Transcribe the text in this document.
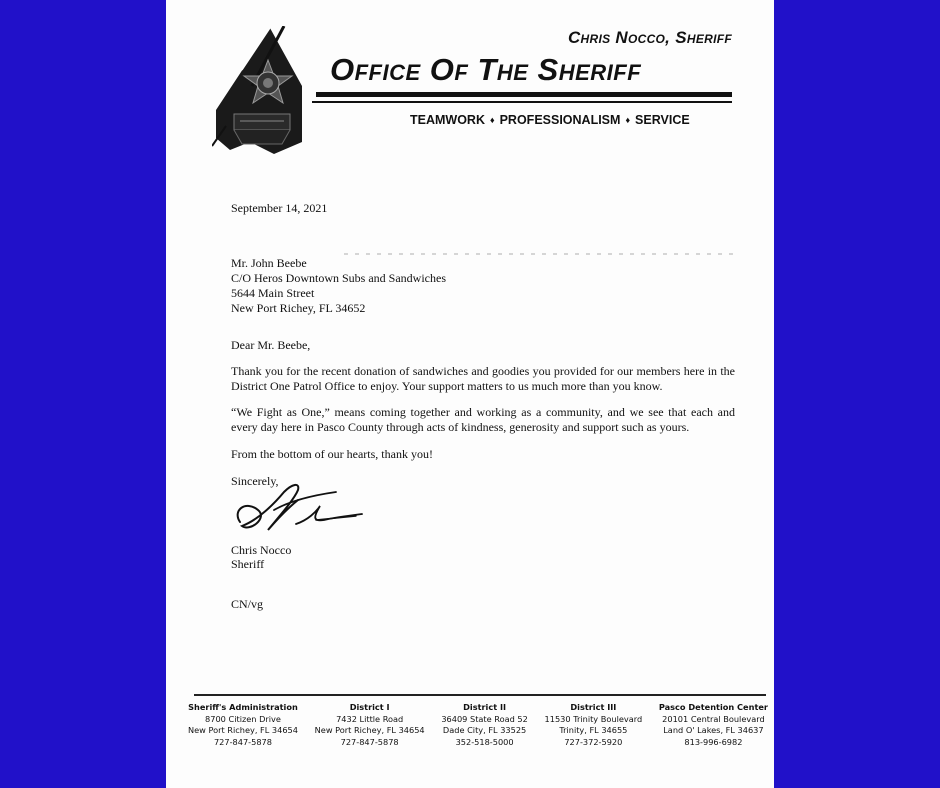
Chris Nocco, Sheriff
Office Of The Sheriff
TEAMWORK ♦ PROFESSIONALISM ♦ SERVICE
September 14, 2021
Mr. John Beebe
C/O Heros Downtown Subs and Sandwiches
5644 Main Street
New Port Richey, FL 34652
Dear Mr. Beebe,
Thank you for the recent donation of sandwiches and goodies you provided for our members here in the District One Patrol Office to enjoy. Your support matters to us much more than you know.
“We Fight as One,” means coming together and working as a community, and we see that each and every day here in Pasco County through acts of kindness, generosity and support such as yours.
From the bottom of our hearts, thank you!
Sincerely,
Chris Nocco
Sheriff
CN/vg
Sheriff's Administration
8700 Citizen Drive
New Port Richey, FL 34654
727-847-5878
District I
7432 Little Road
New Port Richey, FL 34654
727-847-5878
District II
36409 State Road 52
Dade City, FL 33525
352-518-5000
District III
11530 Trinity Boulevard
Trinity, FL 34655
727-372-5920
Pasco Detention Center
20101 Central Boulevard
Land O' Lakes, FL 34637
813-996-6982
